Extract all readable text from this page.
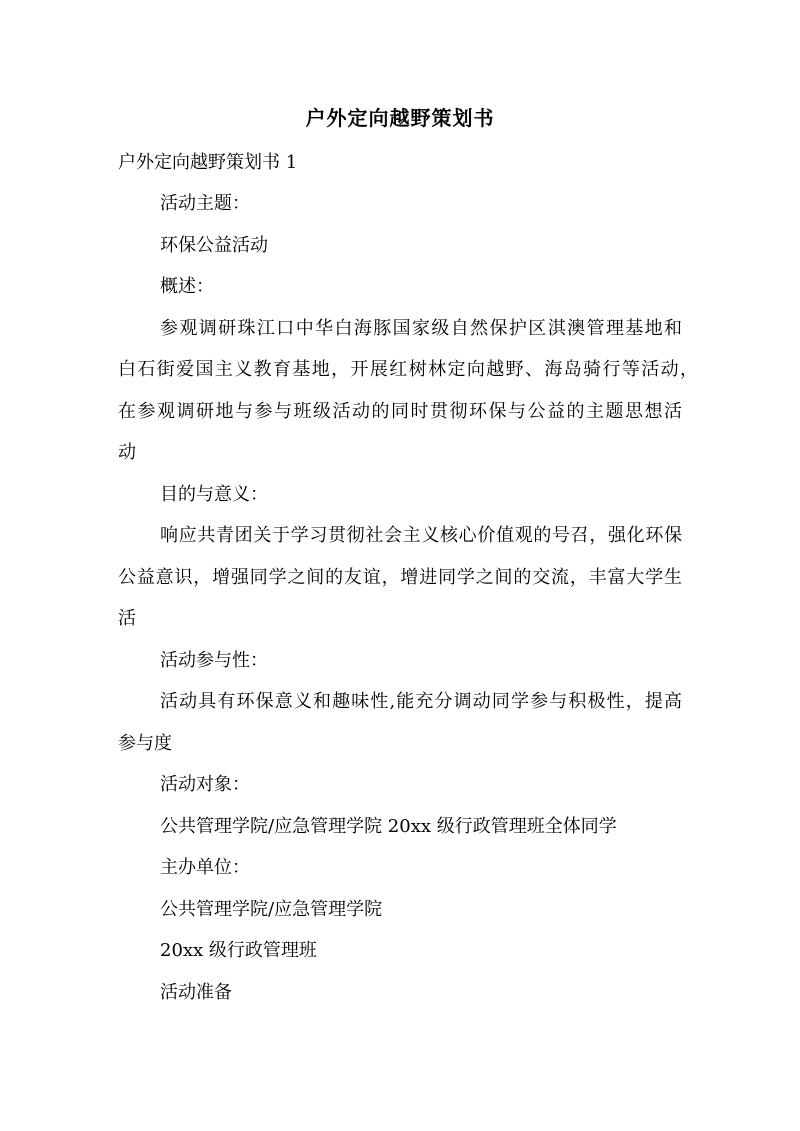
户外定向越野策划书
户外定向越野策划书 1
活动主题：
环保公益活动
概述：
参观调研珠江口中华白海豚国家级自然保护区淇澳管理基地和
白石街爱国主义教育基地，开展红树林定向越野、海岛骑行等活动，
在参观调研地与参与班级活动的同时贯彻环保与公益的主题思想活
动
目的与意义：
响应共青团关于学习贯彻社会主义核心价值观的号召，强化环保
公益意识，增强同学之间的友谊，增进同学之间的交流，丰富大学生
活
活动参与性：
活动具有环保意义和趣味性,能充分调动同学参与积极性，提高
参与度
活动对象：
公共管理学院/应急管理学院 20xx 级行政管理班全体同学
主办单位：
公共管理学院/应急管理学院
20xx 级行政管理班
活动准备
